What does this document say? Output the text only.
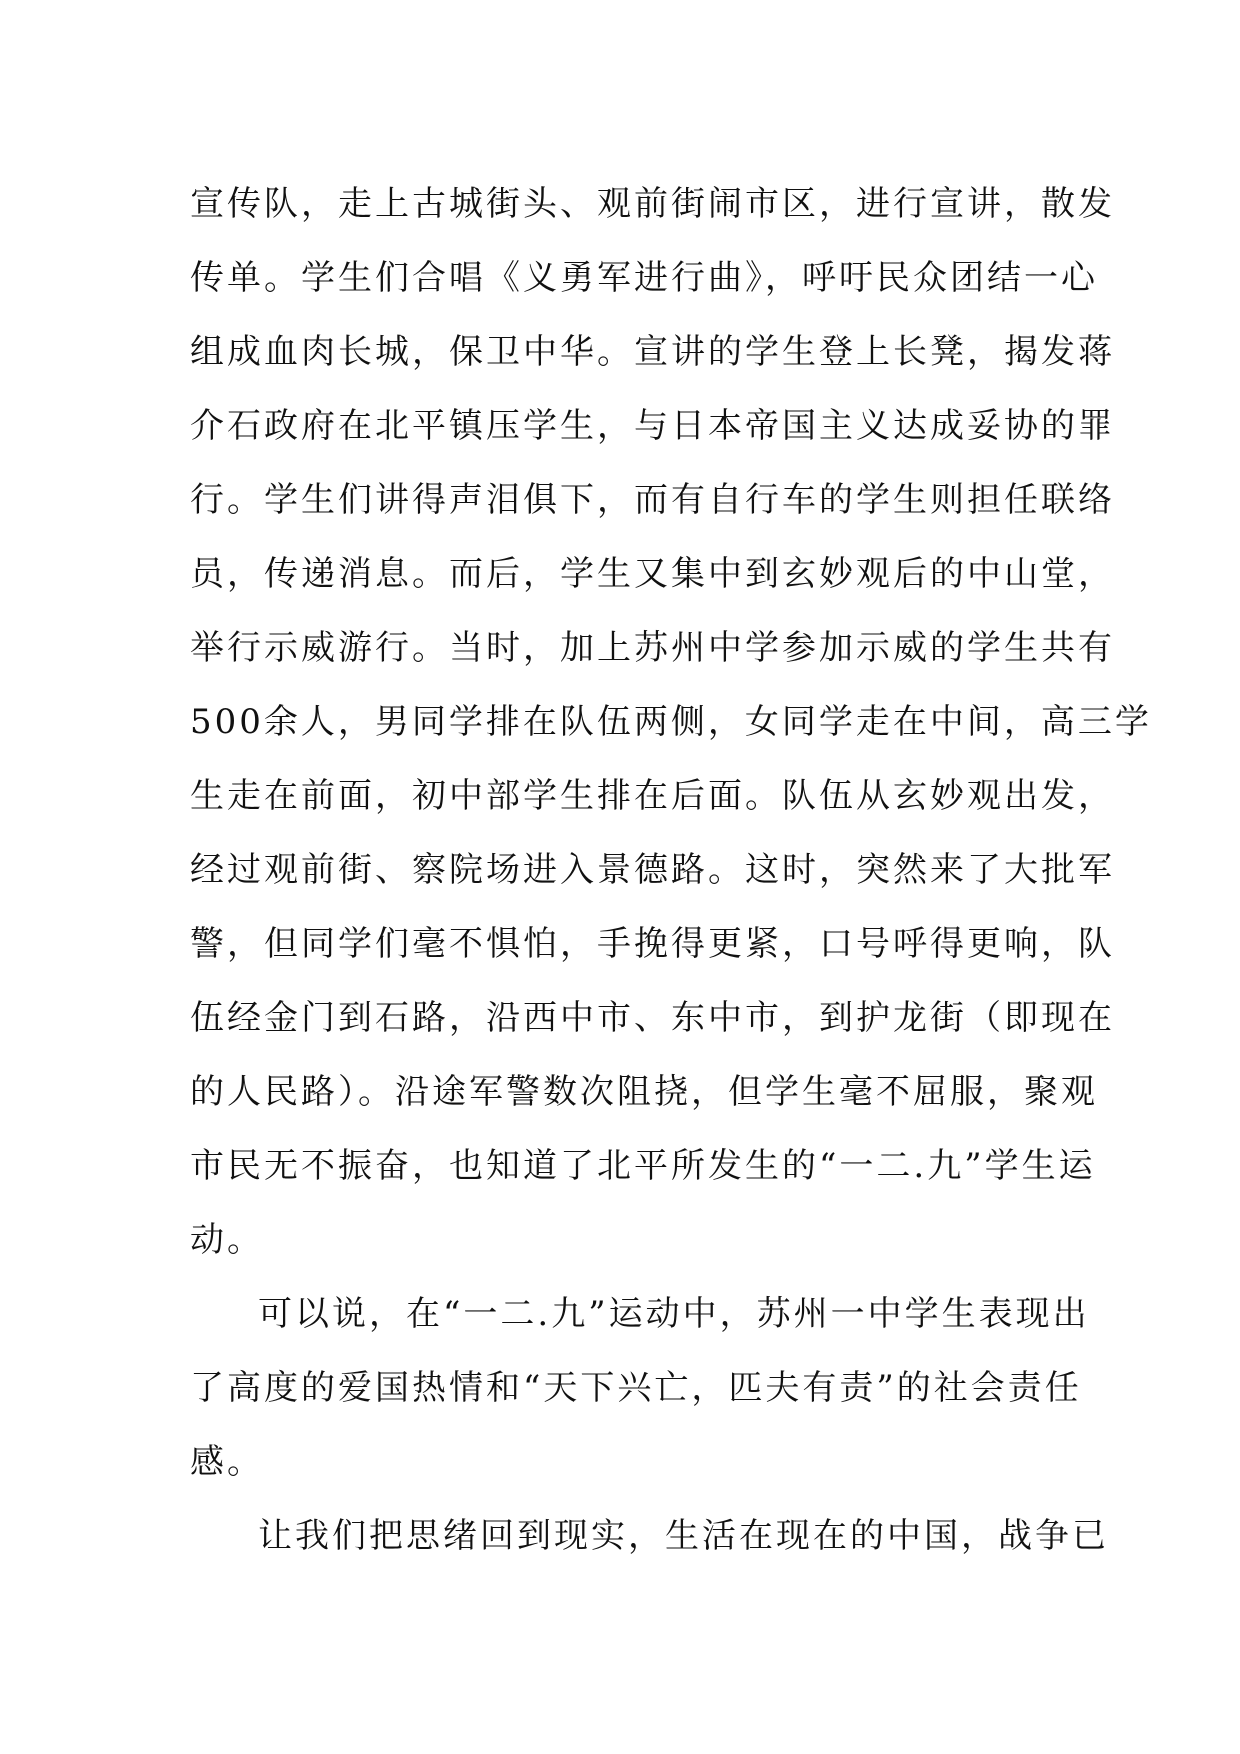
宣传队，走上古城街头、观前街闹市区，进行宣讲，散发
传单。学生们合唱《义勇军进行曲》，呼吁民众团结一心
组成血肉长城，保卫中华。宣讲的学生登上长凳，揭发蒋
介石政府在北平镇压学生，与日本帝国主义达成妥协的罪
行。学生们讲得声泪俱下，而有自行车的学生则担任联络
员，传递消息。而后，学生又集中到玄妙观后的中山堂，
举行示威游行。当时，加上苏州中学参加示威的学生共有
500余人，男同学排在队伍两侧，女同学走在中间，高三学
生走在前面，初中部学生排在后面。队伍从玄妙观出发，
经过观前街、察院场进入景德路。这时，突然来了大批军
警，但同学们毫不惧怕，手挽得更紧，口号呼得更响，队
伍经金门到石路，沿西中市、东中市，到护龙街（即现在
的人民路）。沿途军警数次阻挠，但学生毫不屈服，聚观
市民无不振奋，也知道了北平所发生的“一二.九”学生运
动。
可以说，在“一二.九”运动中，苏州一中学生表现出
了高度的爱国热情和“天下兴亡，匹夫有责”的社会责任
感。
让我们把思绪回到现实，生活在现在的中国，战争已
